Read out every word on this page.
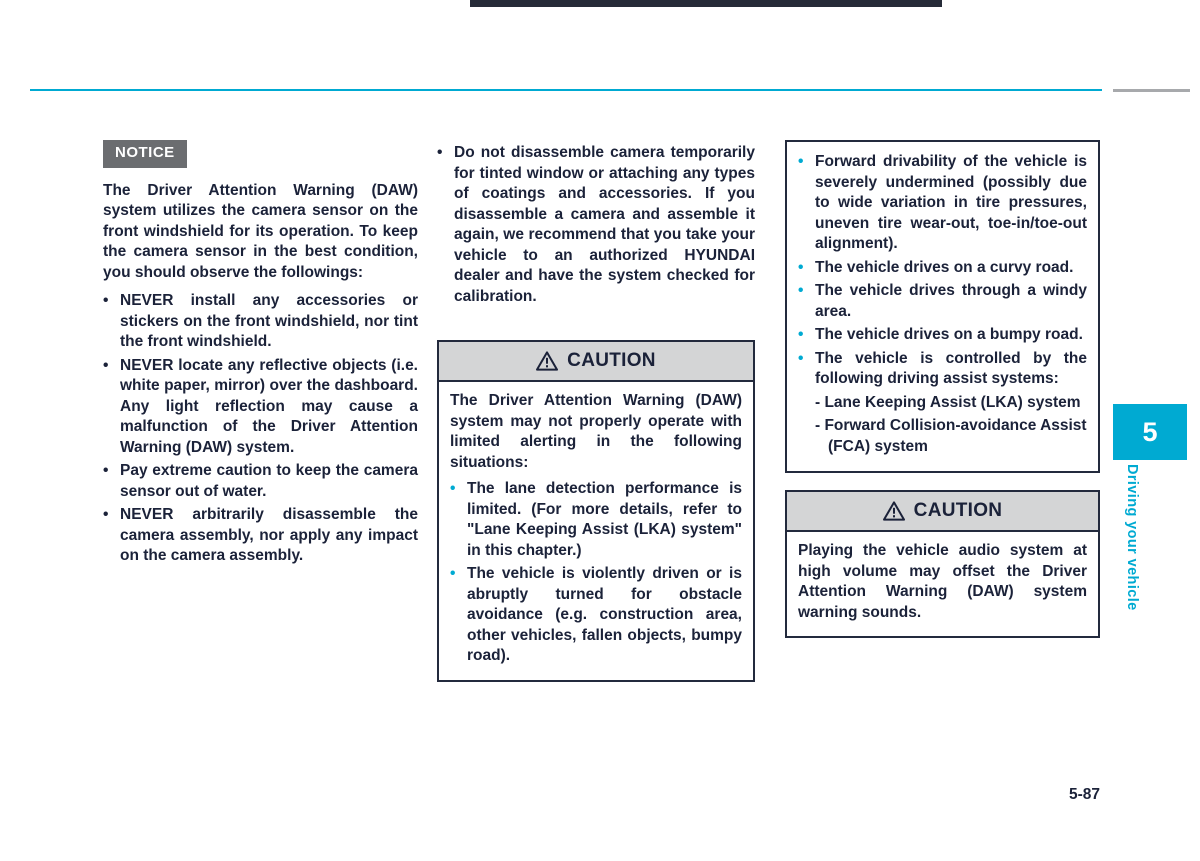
NOTICE

The Driver Attention Warning (DAW) system utilizes the camera sensor on the front windshield for its operation. To keep the camera sensor in the best condition, you should observe the followings:

•
NEVER install any accessories or stickers on the front windshield, nor tint the front windshield.
•
NEVER locate any reflective objects (i.e. white paper, mirror) over the dashboard. Any light reflection may cause a malfunction of the Driver Attention Warning (DAW) system.
•
Pay extreme caution to keep the camera sensor out of water.
•
NEVER arbitrarily disassemble the camera assembly, nor apply any impact on the camera assembly.
•
Do not disassemble camera temporarily for tinted window or attaching any types of coatings and accessories. If you disassemble a camera and assemble it again, we recommend that you take your vehicle to an authorized HYUNDAI dealer and have the system checked for calibration.
CAUTION

The Driver Attention Warning (DAW) system may not properly operate with limited alerting in the following situations:

•
The lane detection performance is limited. (For more details, refer to "Lane Keeping Assist (LKA) system" in this chapter.)
•
The vehicle is violently driven or is abruptly turned for obstacle avoidance (e.g. construction area, other vehicles, fallen objects, bumpy road).
•
Forward drivability of the vehicle is severely undermined (possibly due to wide variation in tire pressures, uneven tire wear-out, toe-in/toe-out alignment).
•
The vehicle drives on a curvy road.
•
The vehicle drives through a windy area.
•
The vehicle drives on a bumpy road.
•
The vehicle is controlled by the following driving assist systems:
- Lane Keeping Assist (LKA) system
- Forward Collision-avoidance Assist (FCA) system
CAUTION

Playing the vehicle audio system at high volume may offset the Driver Attention Warning (DAW) system warning sounds.

5
Driving your vehicle
5-87
